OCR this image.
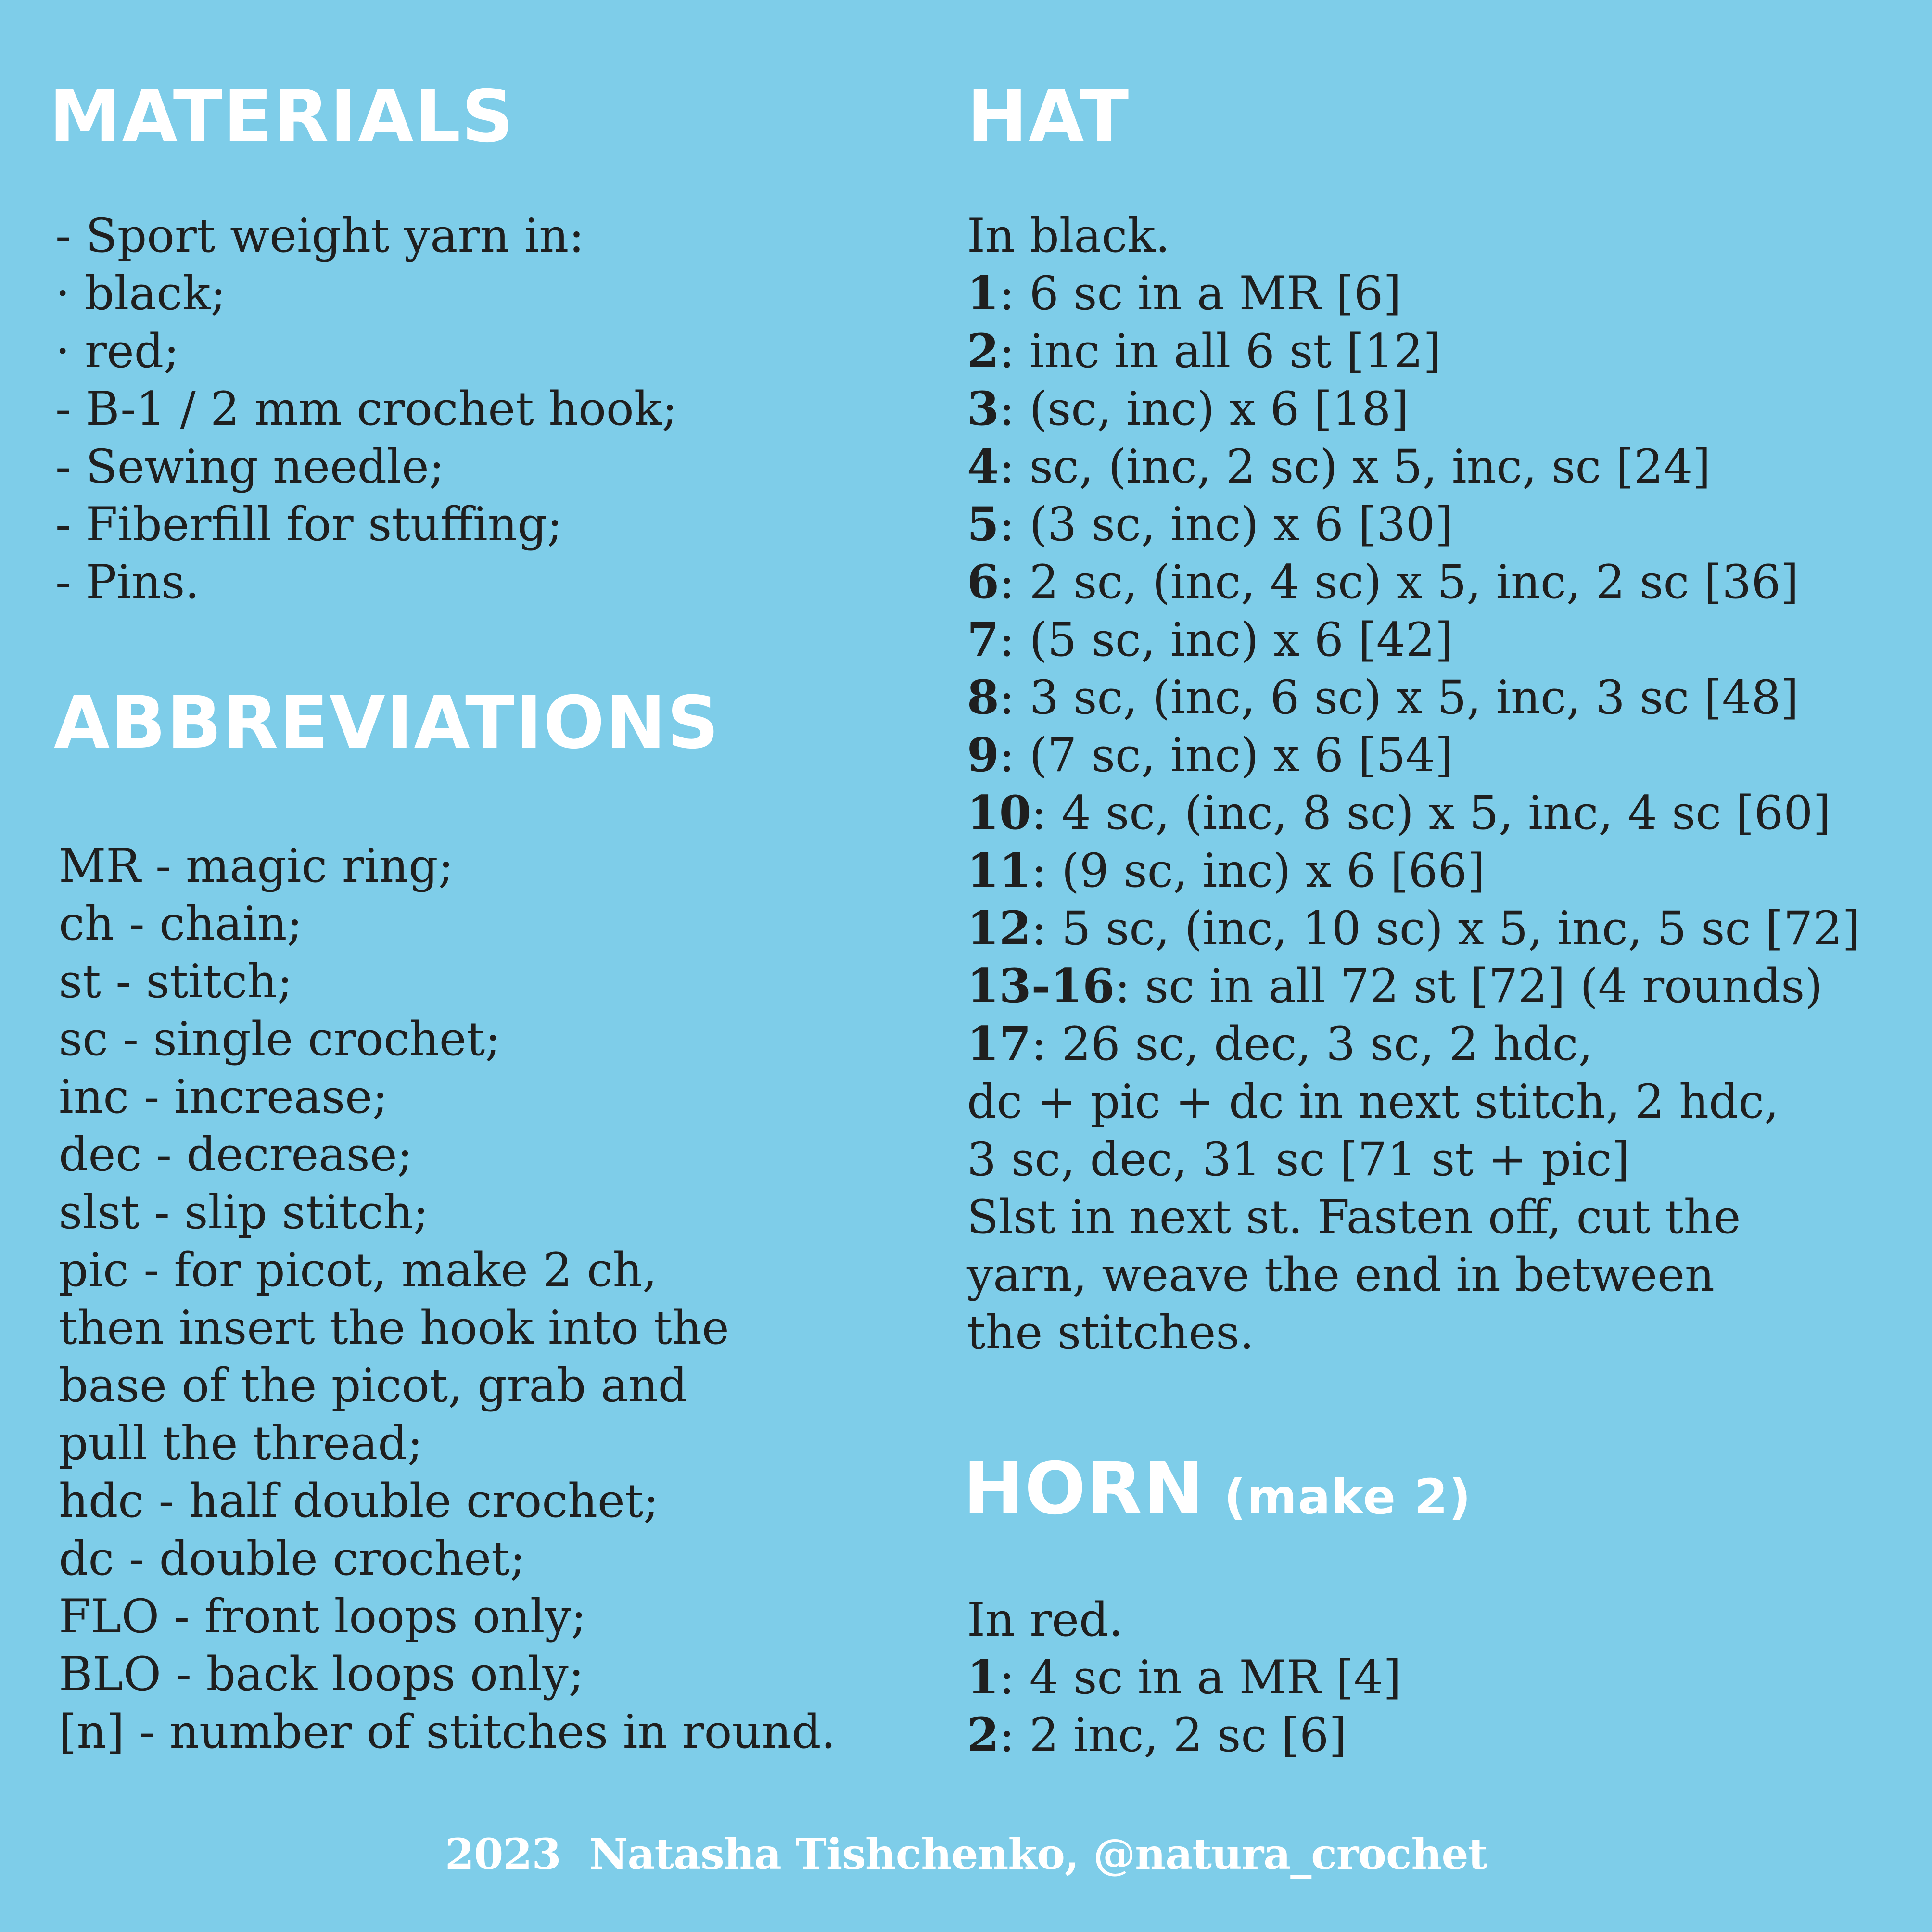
MATERIALS
- Sport weight yarn in:
· black;
· red;
- B-1 / 2 mm crochet hook;
- Sewing needle;
- Fiberfill for stuffing;
- Pins.
ABBREVIATIONS
MR - magic ring;
ch - chain;
st - stitch;
sc - single crochet;
inc - increase;
dec - decrease;
slst - slip stitch;
pic - for picot, make 2 ch,
then insert the hook into the
base of the picot, grab and
pull the thread;
hdc - half double crochet;
dc - double crochet;
FLO - front loops only;
BLO - back loops only;
[n] - number of stitches in round.
HAT
In black.
1: 6 sc in a MR [6]
2: inc in all 6 st [12]
3: (sc, inc) x 6 [18]
4: sc, (inc, 2 sc) x 5, inc, sc [24]
5: (3 sc, inc) x 6 [30]
6: 2 sc, (inc, 4 sc) x 5, inc, 2 sc [36]
7: (5 sc, inc) x 6 [42]
8: 3 sc, (inc, 6 sc) x 5, inc, 3 sc [48]
9: (7 sc, inc) x 6 [54]
10: 4 sc, (inc, 8 sc) x 5, inc, 4 sc [60]
11: (9 sc, inc) x 6 [66]
12: 5 sc, (inc, 10 sc) x 5, inc, 5 sc [72]
13-16: sc in all 72 st [72] (4 rounds)
17: 26 sc, dec, 3 sc, 2 hdc,
dc + pic + dc in next stitch, 2 hdc,
3 sc, dec, 31 sc [71 st + pic]
Slst in next st. Fasten off, cut the
yarn, weave the end in between
the stitches.
HORN (make 2)
In red.
1: 4 sc in a MR [4]
2: 2 inc, 2 sc [6]
2023  Natasha Tishchenko, @natura_crochet
